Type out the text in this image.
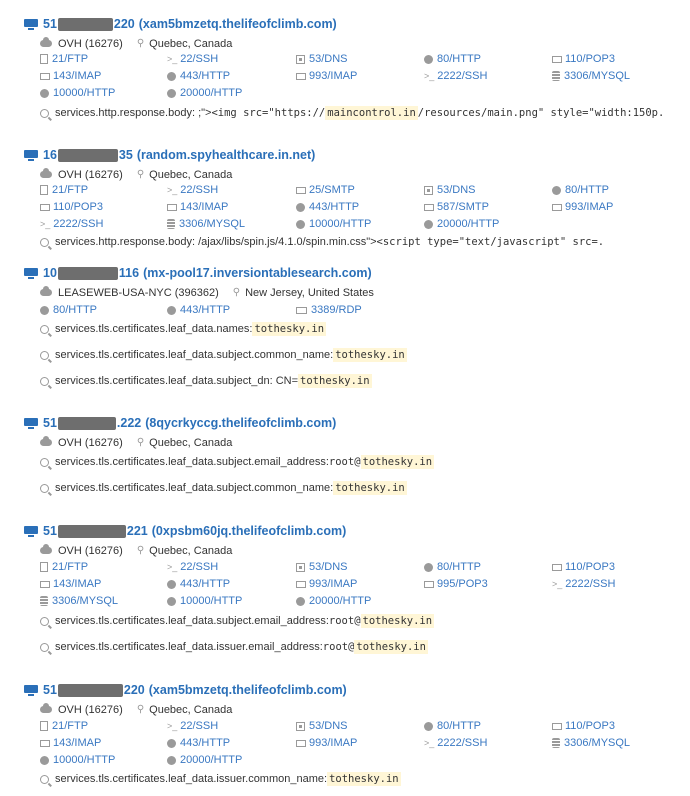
51	220 (xam5bmzetq.thelifeofclimb.com)
OVH (16276) ⚲ Quebec, Canada
21/FTP	>_ 22/SSH	53/DNS	80/HTTP	110/POP3
143/IMAP	443/HTTP	993/IMAP	>_ 2222/SSH	3306/MYSQL
10000/HTTP	20000/HTTP
services.http.response.body: ;"> <img src="https:// maincontrol.in /resources/main.png" style="width:150p.
16	35 (random.spyhealthcare.in.net)
OVH (16276) ⚲ Quebec, Canada
21/FTP	>_ 22/SSH	25/SMTP	53/DNS	80/HTTP
110/POP3	143/IMAP	443/HTTP	587/SMTP	993/IMAP
>_ 2222/SSH	3306/MYSQL	10000/HTTP	20000/HTTP
services.http.response.body: /ajax/libs/spin.js/4.1.0/spin.min.css"> <script type="text/javascript" src=.
10	116 (mx-pool17.inversiontablesearch.com)
LEASEWEB-USA-NYC (396362) ⚲ New Jersey, United States
80/HTTP	443/HTTP	3389/RDP
services.tls.certificates.leaf_data.names: tothesky.in
services.tls.certificates.leaf_data.subject.common_name: tothesky.in
services.tls.certificates.leaf_data.subject_dn: CN= tothesky.in
51	.222 (8qycrkyccg.thelifeofclimb.com)
OVH (16276) ⚲ Quebec, Canada
services.tls.certificates.leaf_data.subject.email_address: root@ tothesky.in
services.tls.certificates.leaf_data.subject.common_name: tothesky.in
51	221 (0xpsbm60jq.thelifeofclimb.com)
OVH (16276) ⚲ Quebec, Canada
21/FTP	>_ 22/SSH	53/DNS	80/HTTP	110/POP3
143/IMAP	443/HTTP	993/IMAP	995/POP3	>_ 2222/SSH
3306/MYSQL	10000/HTTP	20000/HTTP
services.tls.certificates.leaf_data.subject.email_address: root@ tothesky.in
services.tls.certificates.leaf_data.issuer.email_address: root@ tothesky.in
51	220 (xam5bmzetq.thelifeofclimb.com)
OVH (16276) ⚲ Quebec, Canada
21/FTP	>_ 22/SSH	53/DNS	80/HTTP	110/POP3
143/IMAP	443/HTTP	993/IMAP	>_ 2222/SSH	3306/MYSQL
10000/HTTP	20000/HTTP
services.tls.certificates.leaf_data.issuer.common_name: tothesky.in
